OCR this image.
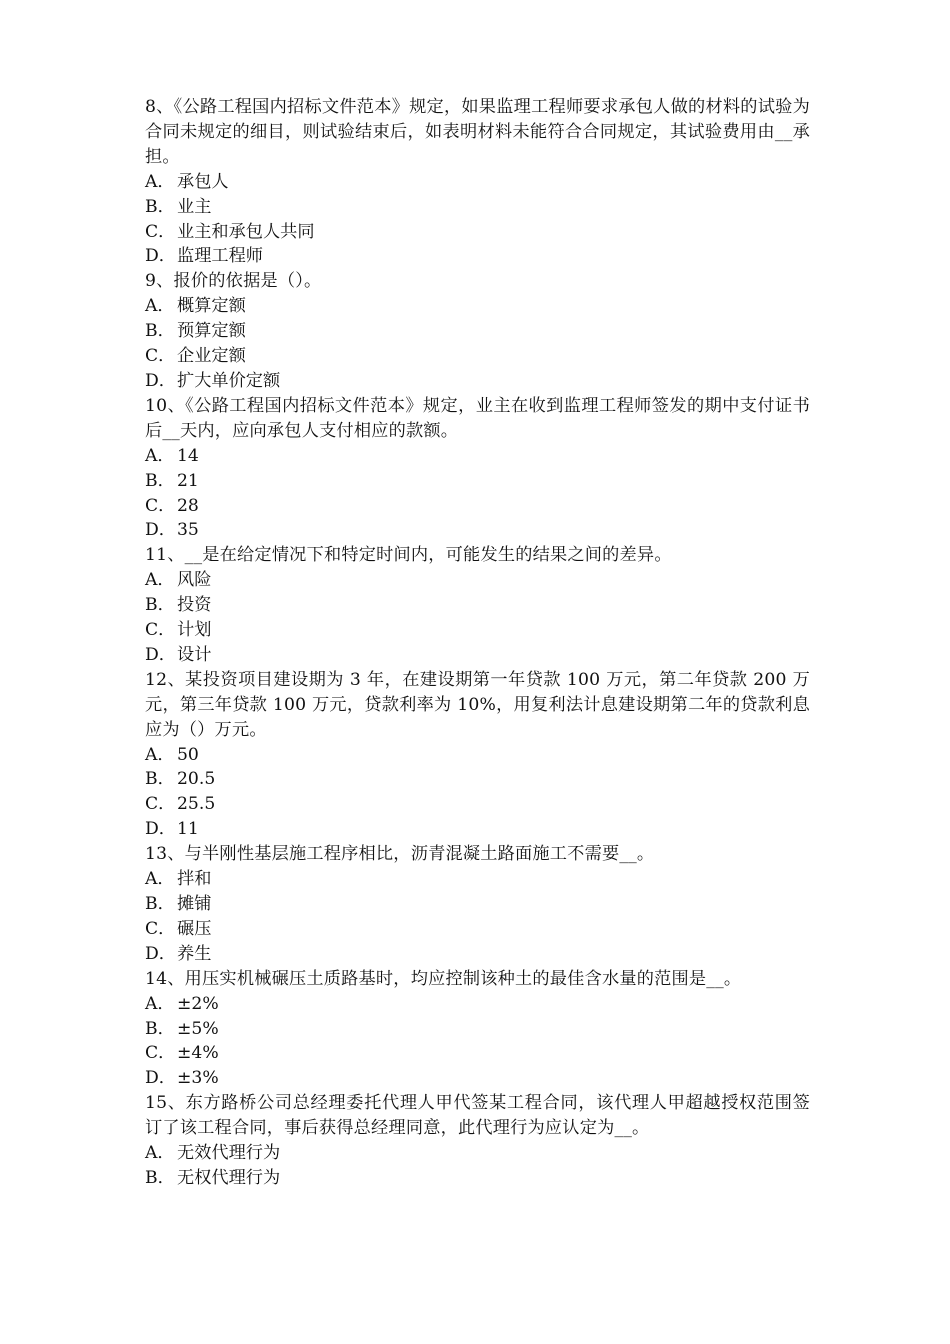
8、《公路工程国内招标文件范本》规定，如果监理工程师要求承包人做的材料的试验为合同未规定的细目，则试验结束后，如表明材料未能符合合同规定，其试验费用由__承担。

A． 承包人
B． 业主
C．业主和承包人共同
D．监理工程师

9、报价的依据是（）。

A． 概算定额
B． 预算定额
C．企业定额
D．扩大单价定额

10、《公路工程国内招标文件范本》规定，业主在收到监理工程师签发的期中支付证书后__天内，应向承包人支付相应的款额。

A． 14
B． 21
C．28
D．35

11、__是在给定情况下和特定时间内，可能发生的结果之间的差异。

A． 风险
B． 投资
C．计划
D．设计

12、某投资项目建设期为 3 年，在建设期第一年贷款 100 万元，第二年贷款 200 万元，第三年贷款 100 万元，贷款利率为 10%，用复利法计息建设期第二年的贷款利息应为（）万元。

A． 50
B． 20.5
C．25.5
D．11

13、与半刚性基层施工程序相比，沥青混凝土路面施工不需要__。

A． 拌和
B． 摊铺
C．碾压
D．养生

14、用压实机械碾压土质路基时，均应控制该种土的最佳含水量的范围是__。

A． ±2%
B． ±5%
C．±4%
D．±3%

15、东方路桥公司总经理委托代理人甲代签某工程合同，该代理人甲超越授权范围签订了该工程合同，事后获得总经理同意，此代理行为应认定为__。

A． 无效代理行为
B． 无权代理行为
